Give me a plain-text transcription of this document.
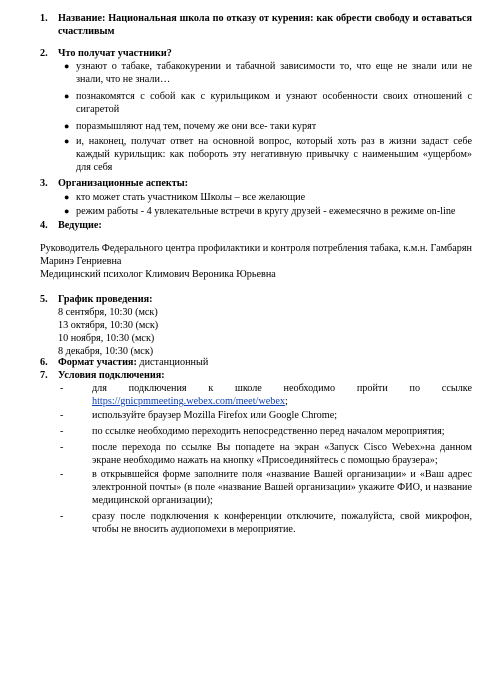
1. Название: Национальная школа по отказу от курения: как обрести свободу и оставаться счастливым
2. Что получат участники?
● узнают о табаке, табакокурении и табачной зависимости то, что еще не знали или не знали, что не знали…
● познакомятся с собой как с курильщиком и узнают особенности своих отношений с сигаретой
● поразмышляют над тем, почему же они все- таки курят
● и, наконец, получат ответ на основной вопрос, который хоть раз в жизни задаст себе каждый курильщик: как побороть эту негативную привычку с наименьшим «ущербом» для себя
3. Организационные аспекты:
● кто может стать участником Школы – все желающие
● режим работы - 4 увлекательные встречи в кругу друзей - ежемесячно в режиме on-line
4. Ведущие:
Руководитель Федерального центра профилактики и контроля потребления табака, к.м.н. Гамбарян Маринэ Генриевна
Медицинский психолог Климович Вероника Юрьевна
5. График проведения:
8 сентября, 10:30 (мск)
13 октября, 10:30 (мск)
10 ноября, 10:30 (мск)
8 декабря, 10:30 (мск)
6. Формат участия: дистанционный
7. Условия подключения:
-	для подключения к школе необходимо пройти по ссылке
https://gnicpmmeeting.webex.com/meet/webex;
-	используйте браузер Mozilla Firefox или Google Chrome;
-	по ссылке необходимо переходить непосредственно перед началом мероприятия;
-	после перехода по ссылке Вы попадете на экран «Запуск Cisco Webex»на данном экране необходимо нажать на кнопку «Присоединяйтесь с помощью браузера»;
-	в открывшейся форме заполните поля «название Вашей организации» и «Ваш адрес электронной почты» (в поле «название Вашей организации» укажите ФИО, и название медицинской организации);
-	сразу после подключения к конференции отключите, пожалуйста, свой микрофон, чтобы не вносить аудиопомехи в мероприятие.
